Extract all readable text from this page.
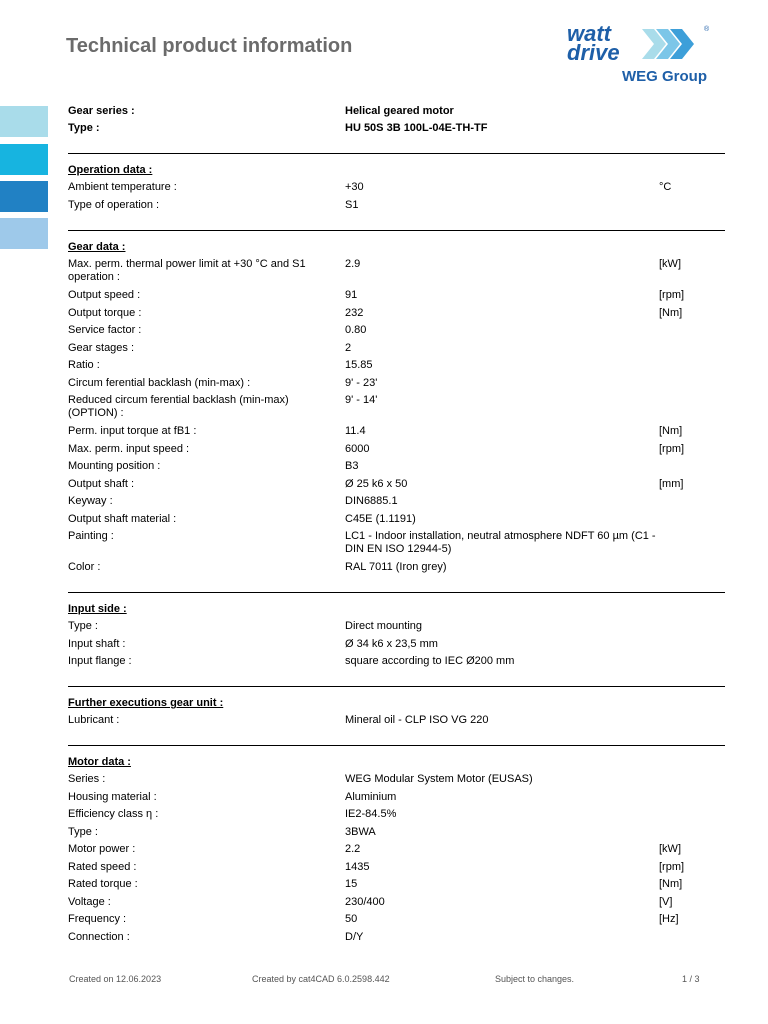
Technical product information	watt
drive
®
WEG Group
Gear series :	Helical geared motor
Type :	HU 50S 3B 100L-04E-TH-TF
Operation data :
Ambient temperature :	+30	°C
Type of operation :	S1
Gear data :
Max. perm. thermal power limit at +30 °C and S1 operation :
2.9	[kW]
Output speed :	91	[rpm]
Output torque :	232	[Nm]
Service factor :	0.80
Gear stages :	2
Ratio :	15.85
Circum ferential backlash (min-max) :	9' - 23'
Reduced circum ferential backlash (min-max) (OPTION) :
9' - 14'
Perm. input torque at fB1 :	11.4	[Nm]
Max. perm. input speed :	6000	[rpm]
Mounting position :	B3
Output shaft :	Ø 25 k6 x 50	[mm]
Keyway :	DIN6885.1
Output shaft material :	C45E (1.1191)
Painting :	LC1 - Indoor installation, neutral atmosphere NDFT 60 µm (C1 - DIN EN ISO 12944-5)
Color :	RAL 7011 (Iron grey)
Input side :
Type :	Direct mounting
Input shaft :	Ø 34 k6 x 23,5 mm
Input flange :	square according to IEC Ø200 mm
Further executions gear unit :
Lubricant :	Mineral oil - CLP ISO VG 220
Motor data :
Series :	WEG Modular System Motor (EUSAS)
Housing material :	Aluminium
Efficiency class η :	IE2-84.5%
Type :	3BWA
Motor power :	2.2	[kW]
Rated speed :	1435	[rpm]
Rated torque :	15	[Nm]
Voltage :	230/400	[V]
Frequency :	50	[Hz]
Connection :	D/Y
Created on 12.06.2023	Created by cat4CAD 6.0.2598.442	Subject to changes.	1 / 3
